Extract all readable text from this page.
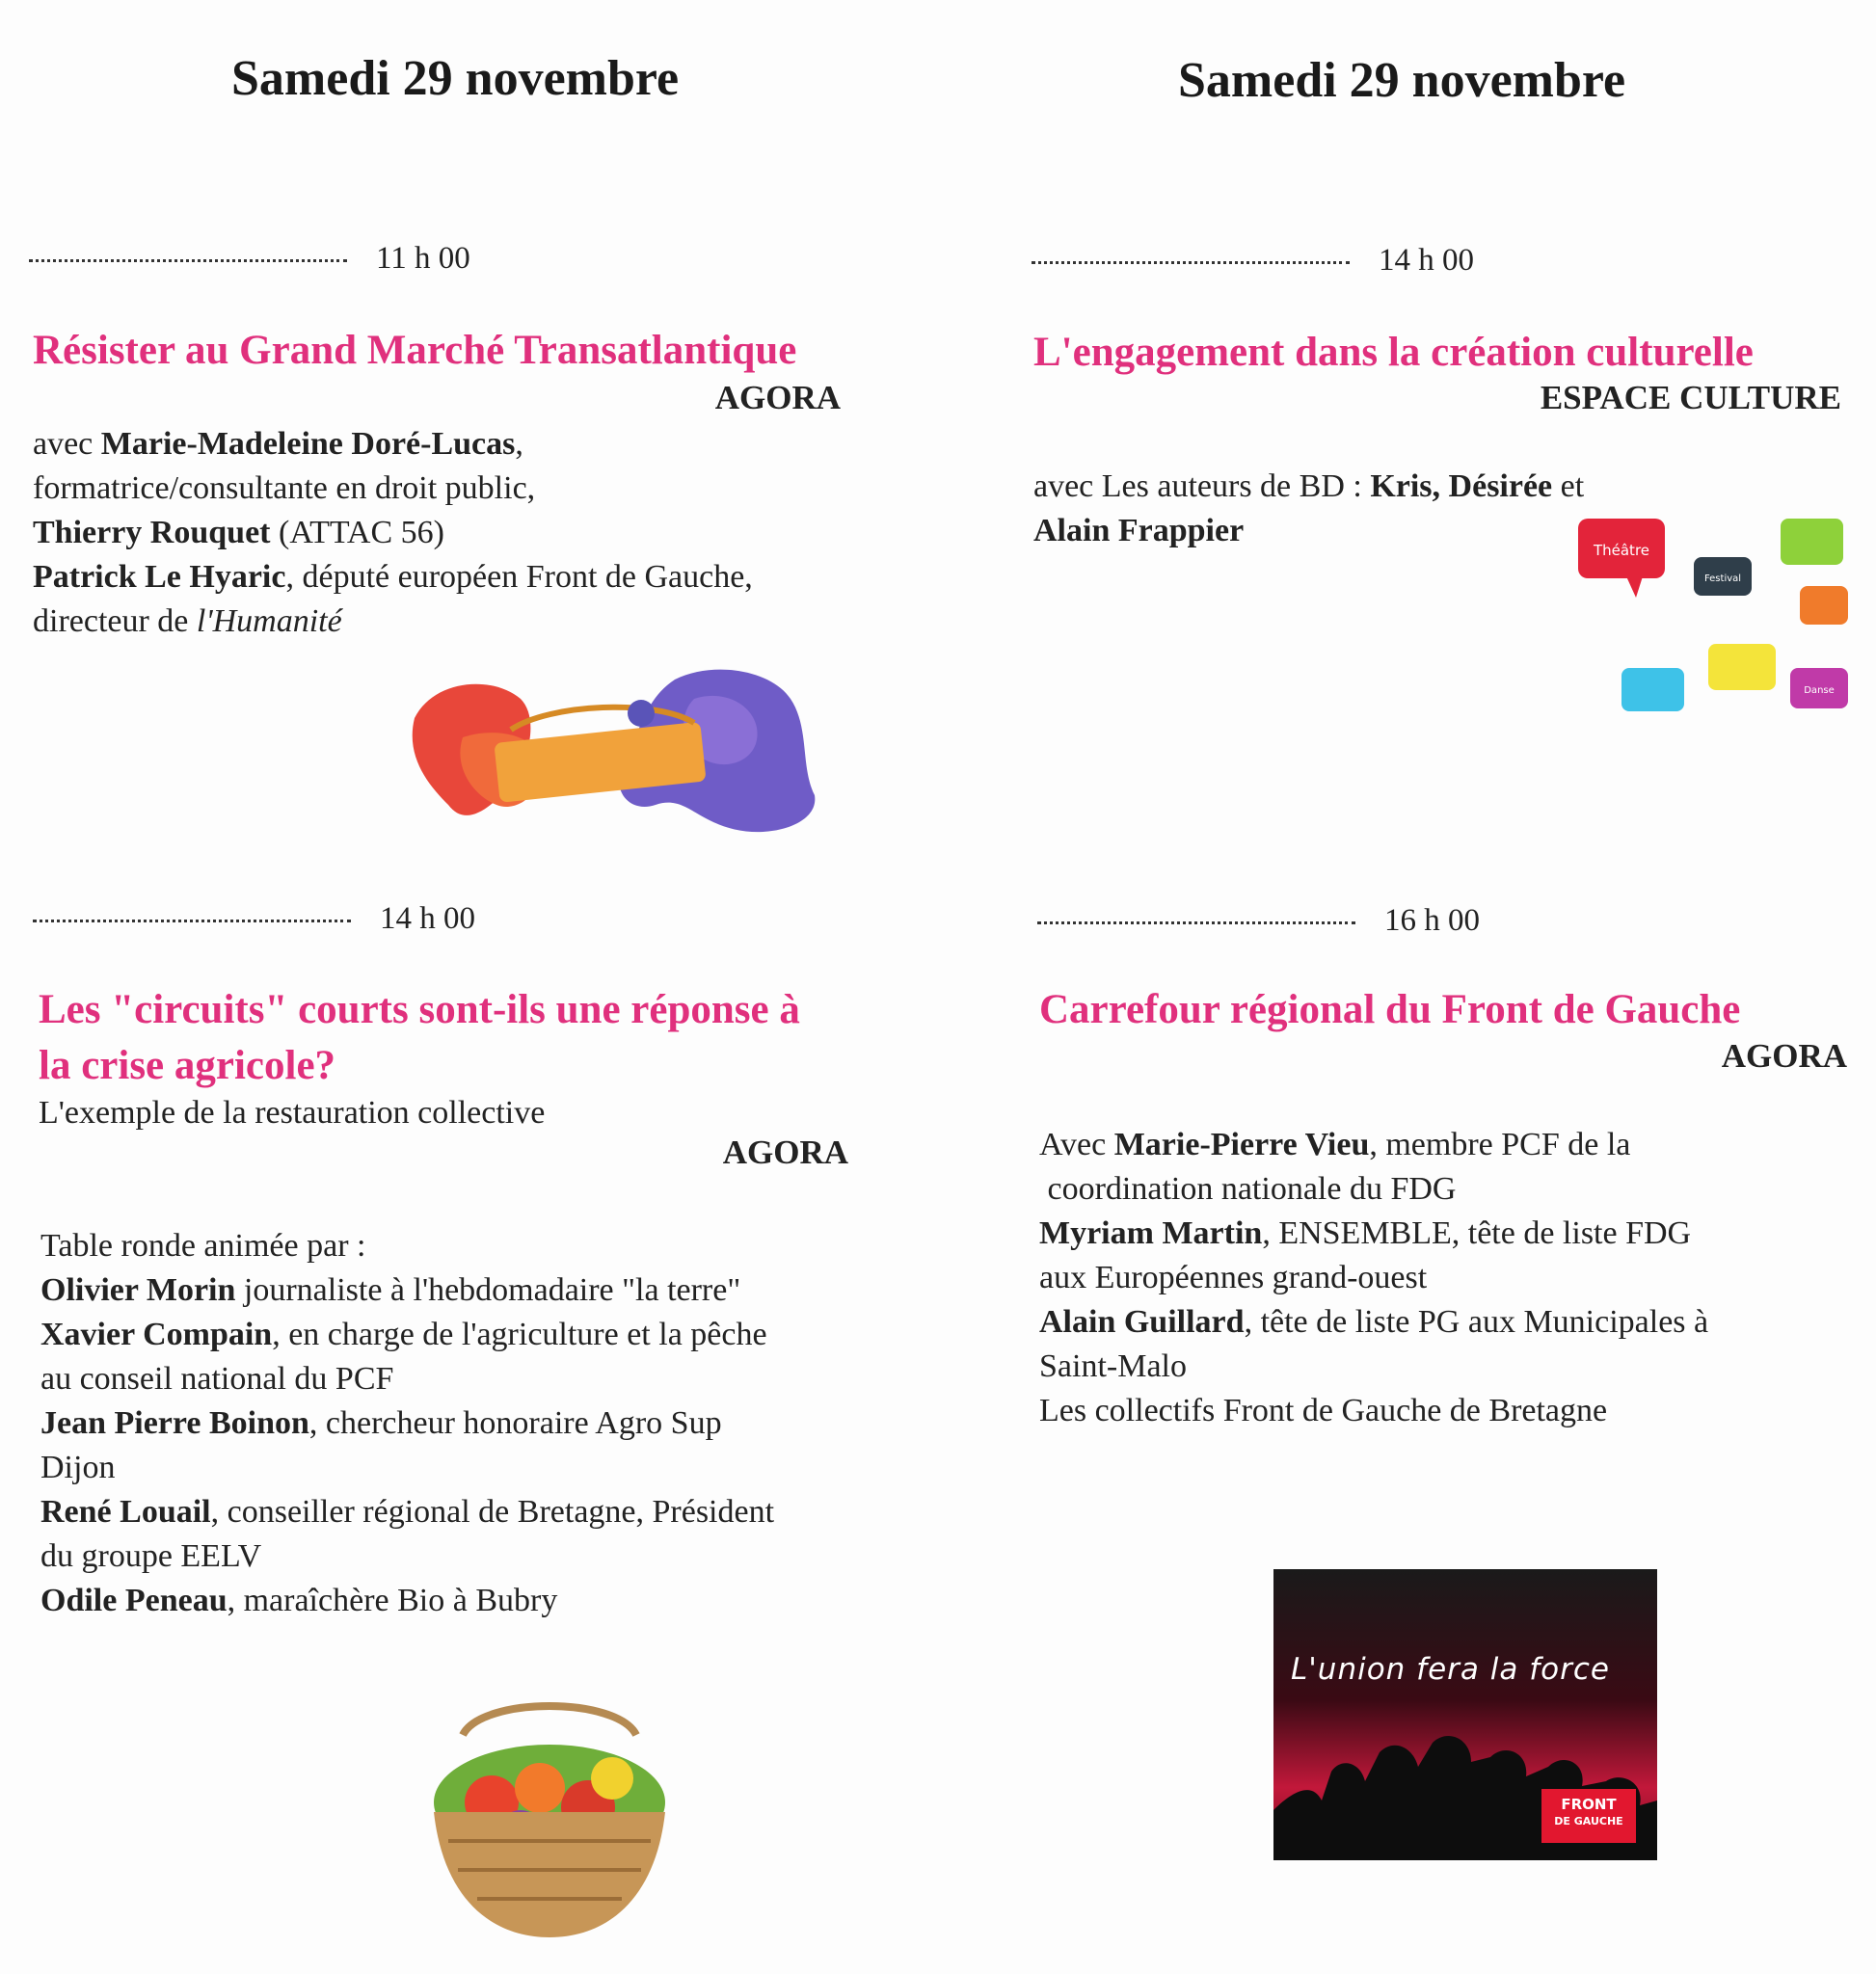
Samedi 29 novembre	Samedi 29 novembre
11 h 00
Résister au Grand Marché Transatlantique
AGORA
avec Marie-Madeleine Doré-Lucas,
formatrice/consultante en droit public,
Thierry Rouquet (ATTAC 56)
Patrick Le Hyaric, député européen Front de Gauche,
directeur de l'Humanité
14 h 00
Les "circuits" courts sont-ils une réponse à
la crise agricole?
L'exemple de la restauration collective
AGORA
Table ronde animée par :
Olivier Morin journaliste à l'hebdomadaire "la terre"
Xavier Compain, en charge de l'agriculture et la pêche
au conseil national du PCF
Jean Pierre Boinon, chercheur honoraire Agro Sup
Dijon
René Louail, conseiller régional de Bretagne, Président
du groupe EELV
Odile Peneau, maraîchère Bio à Bubry
14 h 00
L'engagement dans la création culturelle
ESPACE CULTURE
avec Les auteurs de BD : Kris, Désirée et
Alain Frappier
Théâtre
Festival
Danse
16 h 00
Carrefour régional du Front de Gauche
AGORA
Avec Marie-Pierre Vieu, membre PCF de la
coordination nationale du FDG
Myriam Martin, ENSEMBLE, tête de liste FDG
aux Européennes grand-ouest
Alain Guillard, tête de liste PG aux Municipales à
Saint-Malo
Les collectifs Front de Gauche de Bretagne
L'union fera la force
FRONT
DE GAUCHE
